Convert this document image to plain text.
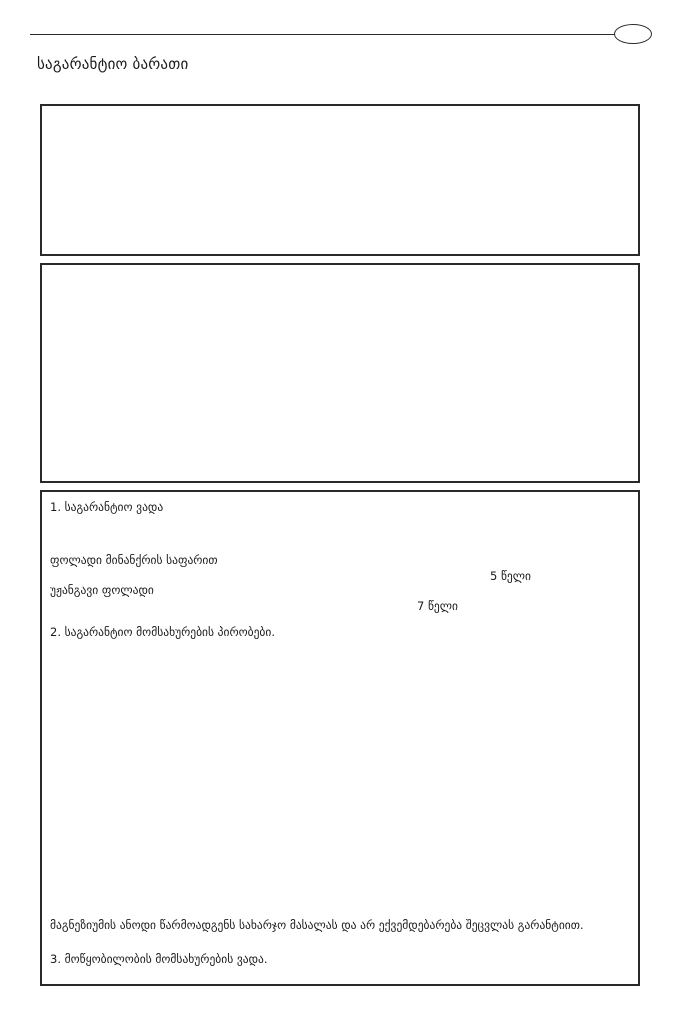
საგარანტიო ბარათი
1. საგარანტიო ვადა
ფოლადი მინანქრის საფარით
5 წელი
უჟანგავი ფოლადი
7 წელი
2. საგარანტიო მომსახურების პირობები.
მაგნეზიუმის ანოდი წარმოადგენს სახარჯო მასალას და არ ექვემდებარება შეცვლას გარანტიით.
3. მოწყობილობის მომსახურების ვადა.
